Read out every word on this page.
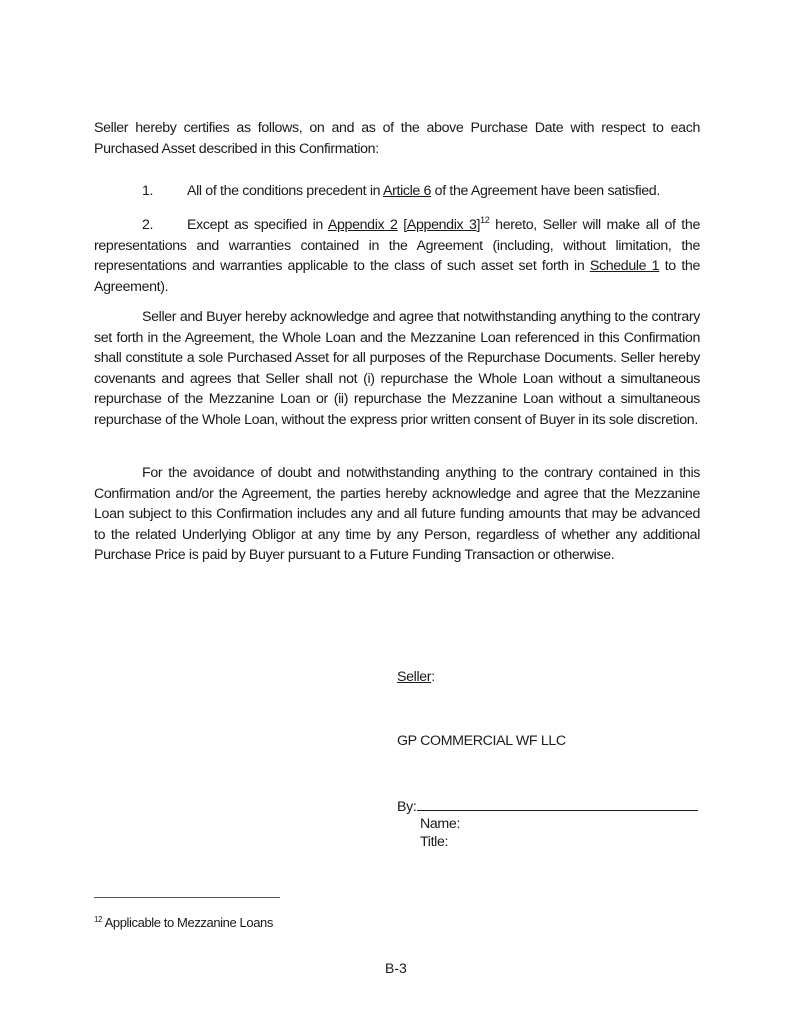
Seller hereby certifies as follows, on and as of the above Purchase Date with respect to each Purchased Asset described in this Confirmation:

1. All of the conditions precedent in Article 6 of the Agreement have been satisfied.
2. Except as specified in Appendix 2 [Appendix 3]$^{12}$ hereto, Seller will make all of the representations and warranties contained in the Agreement (including, without limitation, the representations and warranties applicable to the class of such asset set forth in Schedule 1 to the Agreement).

Seller and Buyer hereby acknowledge and agree that notwithstanding anything to the contrary set forth in the Agreement, the Whole Loan and the Mezzanine Loan referenced in this Confirmation shall constitute a sole Purchased Asset for all purposes of the Repurchase Documents. Seller hereby covenants and agrees that Seller shall not (i) repurchase the Whole Loan without a simultaneous repurchase of the Mezzanine Loan or (ii) repurchase the Mezzanine Loan without a simultaneous repurchase of the Whole Loan, without the express prior written consent of Buyer in its sole discretion.

For the avoidance of doubt and notwithstanding anything to the contrary contained in this Confirmation and/or the Agreement, the parties hereby acknowledge and agree that the Mezzanine Loan subject to this Confirmation includes any and all future funding amounts that may be advanced to the related Underlying Obligor at any time by any Person, regardless of whether any additional Purchase Price is paid by Buyer pursuant to a Future Funding Transaction or otherwise.

Seller:
GP COMMERCIAL WF LLC
By:
Name:
Title:
$^{12}$ Applicable to Mezzanine Loans
B-3
